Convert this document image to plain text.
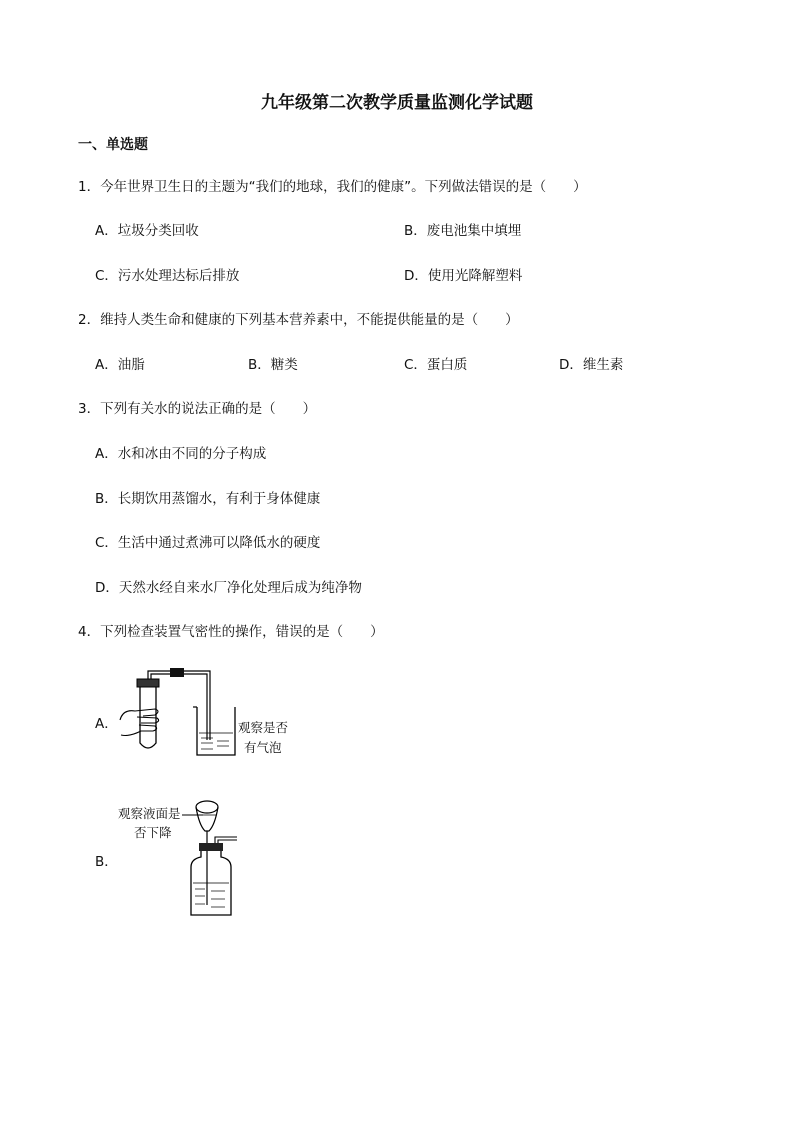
九年级第二次教学质量监测化学试题
一、单选题
1．今年世界卫生日的主题为“我们的地球，我们的健康”。下列做法错误的是（　　）
A．垃圾分类回收	B．废电池集中填埋
C．污水处理达标后排放	D．使用光降解塑料
2．维持人类生命和健康的下列基本营养素中，不能提供能量的是（　　）
A．油脂	B．糖类	C．蛋白质	D．维生素
3．下列有关水的说法正确的是（　　）
A．水和冰由不同的分子构成
B．长期饮用蒸馏水，有利于身体健康
C．生活中通过煮沸可以降低水的硬度
D．天然水经自来水厂净化处理后成为纯净物
4．下列检查装置气密性的操作，错误的是（　　）
A．	观察是否
有气泡
B．
观察液面是
否下降
